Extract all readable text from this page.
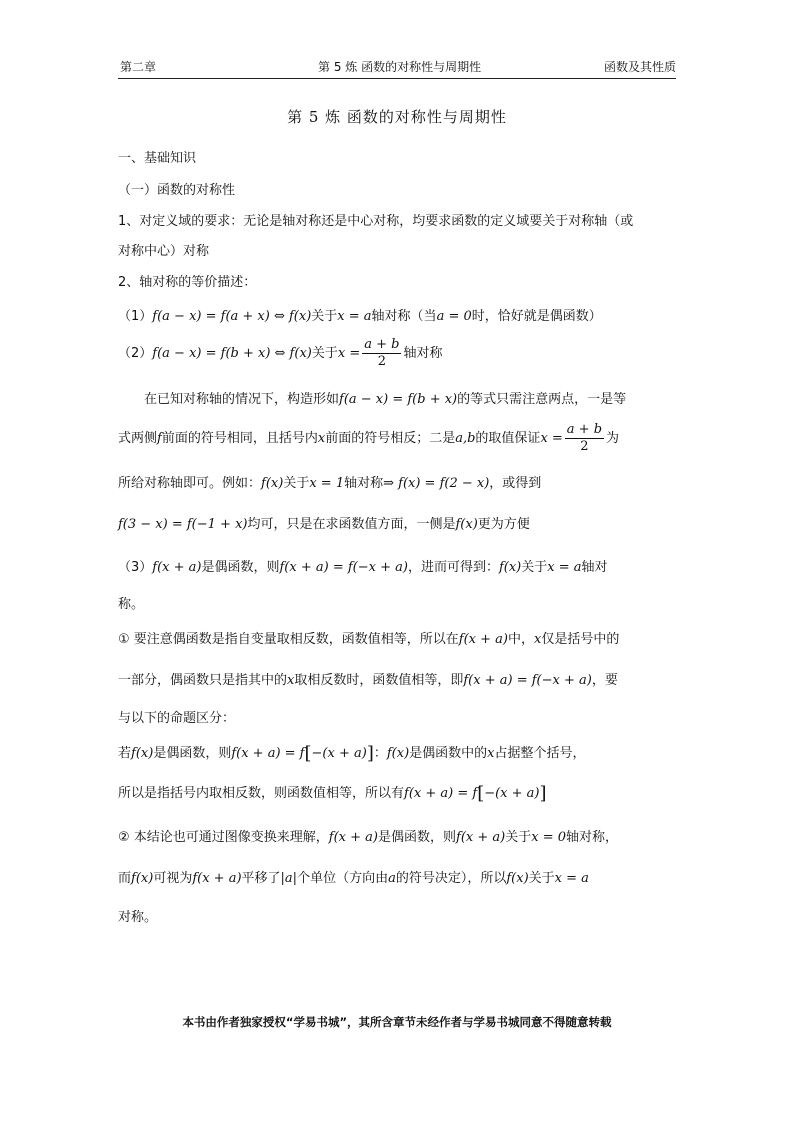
第二章	第 5 炼 函数的对称性与周期性	函数及其性质
第 5 炼 函数的对称性与周期性
一、基础知识
（一）函数的对称性
1、对定义域的要求：无论是轴对称还是中心对称，均要求函数的定义域要关于对称轴（或
对称中心）对称
2、轴对称的等价描述：
（1）f(a − x) = f(a + x) ⇔ f(x)关于x = a轴对称（当a = 0时，恰好就是偶函数）
（2）f(a − x) = f(b + x) ⇔ f(x)关于$x = \frac{a + b}{2}$ 轴对称
在已知对称轴的情况下，构造形如f(a − x) = f(b + x)的等式只需注意两点，一是等
式两侧f前面的符号相同，且括号内x前面的符号相反；二是a,b的取值保证$x = \frac{a + b}{2}$ 为
所给对称轴即可。例如：f(x)关于x = 1轴对称⇒ f(x) = f(2 − x)，或得到
f(3 − x) = f(−1 + x)均可，只是在求函数值方面，一侧是f(x)更为方便
（3）f(x + a)是偶函数，则f(x + a) = f(−x + a)，进而可得到：f(x)关于x = a轴对
称。
① 要注意偶函数是指自变量取相反数，函数值相等，所以在f(x + a)中，x仅是括号中的
一部分，偶函数只是指其中的x取相反数时，函数值相等，即f(x + a) = f(−x + a)，要
与以下的命题区分：
若f(x)是偶函数，则f(x + a) = f[−(x + a)]：f(x)是偶函数中的x占据整个括号，
所以是指括号内取相反数，则函数值相等，所以有f(x + a) = f[−(x + a)]
② 本结论也可通过图像变换来理解，f(x + a)是偶函数，则f(x + a)关于x = 0轴对称，
而f(x)可视为f(x + a)平移了|a|个单位（方向由a的符号决定），所以f(x)关于x = a
对称。
本书由作者独家授权“学易书城”，其所含章节未经作者与学易书城同意不得随意转载
